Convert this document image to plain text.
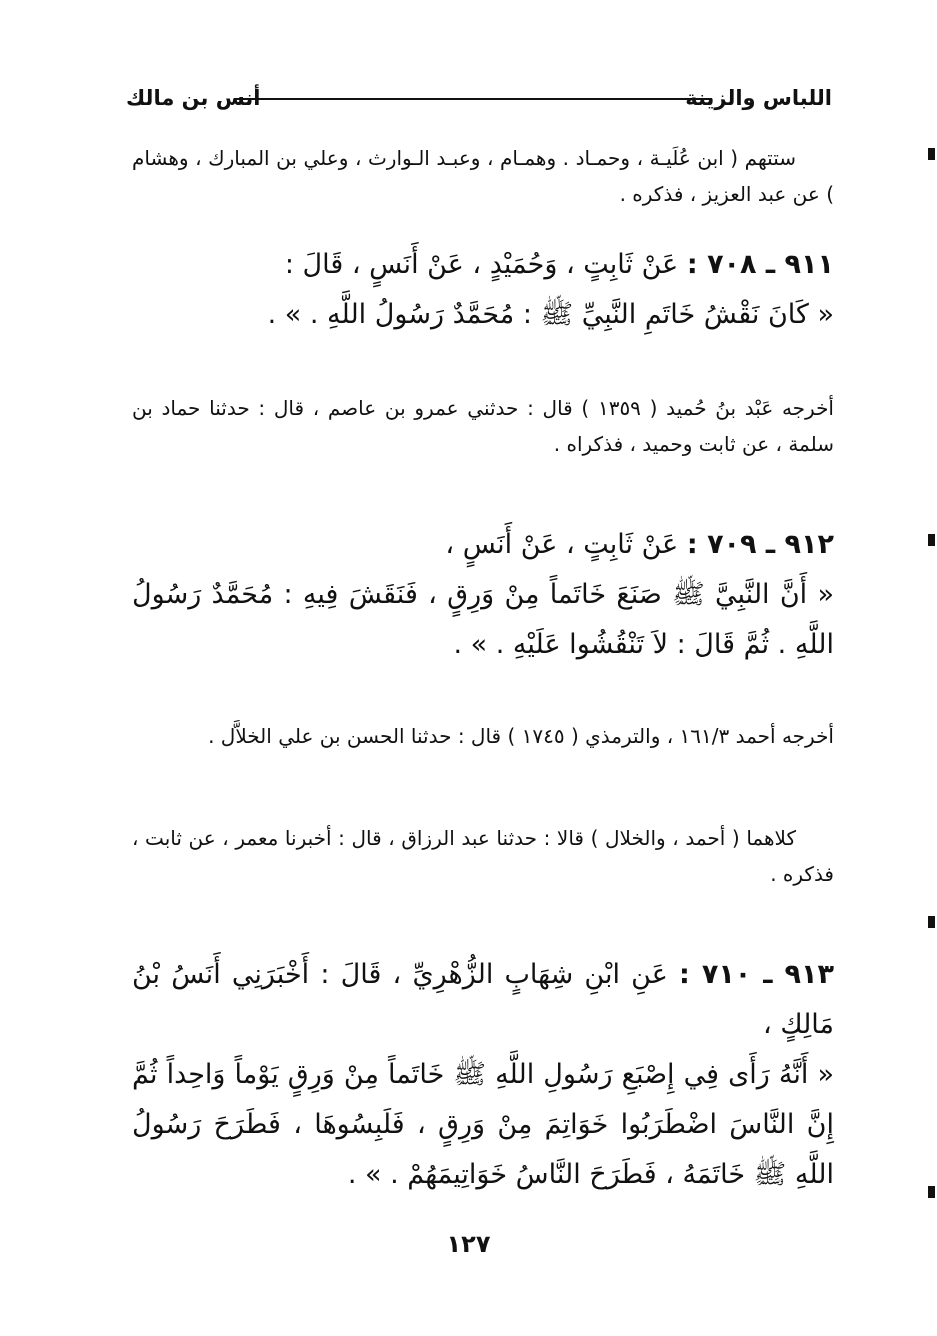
اللباس والزينة
أنس بن مالك
ستتهم ( ابن عُلَيـة ، وحمـاد . وهمـام ، وعبـد الـوارث ، وعلي بن المبارك ، وهشام ) عن عبد العزيز ، فذكره .
٩١١ ـ ٧٠٨ : عَنْ ثَابِتٍ ، وَحُمَيْدٍ ، عَنْ أَنَسٍ ، قَالَ :
« كَانَ نَقْشُ خَاتَمِ النَّبِيِّ ﷺ : مُحَمَّدٌ رَسُولُ اللَّهِ . » .
أخرجه عَبْد بنُ حُميد ( ١٣٥٩ ) قال : حدثني عمرو بن عاصم ، قال : حدثنا حماد بن سلمة ، عن ثابت وحميد ، فذكراه .
٩١٢ ـ ٧٠٩ : عَنْ ثَابِتٍ ، عَنْ أَنَسٍ ،
« أَنَّ النَّبِيَّ ﷺ صَنَعَ خَاتَماً مِنْ وَرِقٍ ، فَنَقَشَ فِيهِ : مُحَمَّدٌ رَسُولُ اللَّهِ . ثُمَّ قَالَ : لاَ تَنْقُشُوا عَلَيْهِ . » .
أخرجه أحمد ١٦١/٣ ، والترمذي ( ١٧٤٥ ) قال : حدثنا الحسن بن علي الخلاَّل .
كلاهما ( أحمد ، والخلال ) قالا : حدثنا عبد الرزاق ، قال : أخبرنا معمر ، عن ثابت ، فذكره .
٩١٣ ـ ٧١٠ : عَنِ ابْنِ شِهَابٍ الزُّهْرِيِّ ، قَالَ : أَخْبَرَنِي أَنَسُ بْنُ مَالِكٍ ،
« أَنَّهُ رَأَى فِي إِصْبَعِ رَسُولِ اللَّهِ ﷺ خَاتَماً مِنْ وَرِقٍ يَوْماً وَاحِداً ثُمَّ إِنَّ النَّاسَ اضْطَرَبُوا خَوَاتِمَ مِنْ وَرِقٍ ، فَلَبِسُوهَا ، فَطَرَحَ رَسُولُ اللَّهِ ﷺ خَاتَمَهُ ، فَطَرَحَ النَّاسُ خَوَاتِيمَهُمْ . » .
١٢٧
